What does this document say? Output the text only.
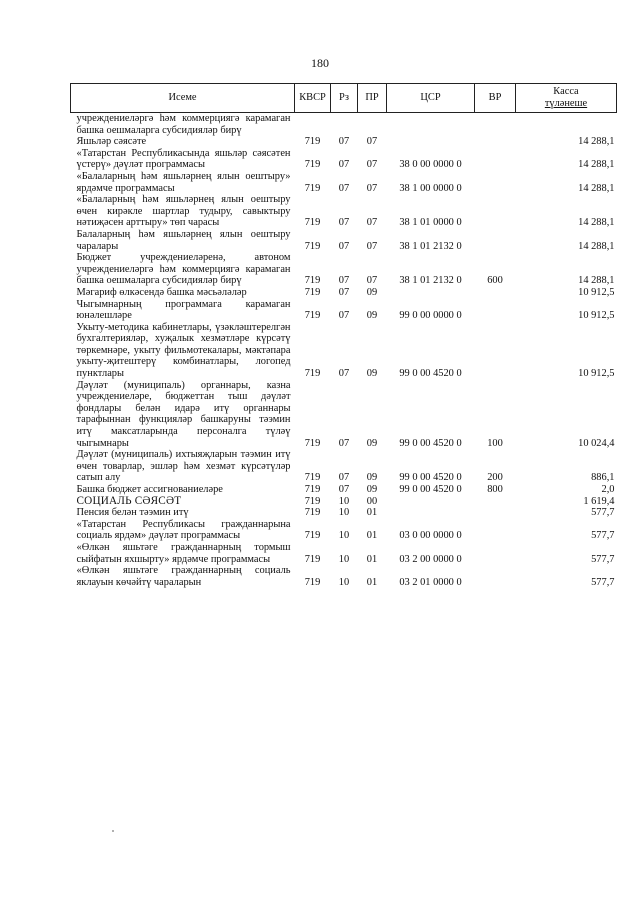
180
Исеме	КВСР	Рз	ПР	ЦСР	ВР	Касса
түләнеше

учреждениеләргә һәм коммерциягә карамаган башка оешмаларга субсидияләр бирү						
Яшьләр сәясәте	719	07	07			14 288,1
«Татарстан Республикасында яшьләр сәясәтен үстерү» дәүләт программасы	719	07	07	38 0 00 0000 0		14 288,1
«Балаларның һәм яшьләрнең ялын оештыру» ярдәмче программасы	719	07	07	38 1 00 0000 0		14 288,1
«Балаларның һәм яшьләрнең ялын оештыру өчен кирәкле шартлар тудыру, савыктыру нәтиҗәсен арттыру» төп чарасы	719	07	07	38 1 01 0000 0		14 288,1
Балаларның һәм яшьләрнең ялын оештыру чаралары	719	07	07	38 1 01 2132 0		14 288,1
Бюджет учреждениеләренә, автоном учреждениеләргә һәм коммерциягә карамаган башка оешмаларга субсидияләр бирү	719	07	07	38 1 01 2132 0	600	14 288,1
Мәгариф өлкәсендә башка мәсьәләләр	719	07	09			10 912,5
Чыгымнарның программага карамаган юнәлешләре	719	07	09	99 0 00 0000 0		10 912,5
Укыту-методика кабинетлары, үзәкләштерелгән бухгалтерияләр, хуҗалык хезмәтләре күрсәтү төркемнәре, укыту фильмотекалары, мәктәпара укыту-җитештерү комбинатлары, логопед пунктлары	719	07	09	99 0 00 4520 0		10 912,5
Дәүләт (муниципаль) органнары, казна учреждениеләре, бюджеттан тыш дәүләт фондлары белән идарә итү органнары тарафыннан функцияләр башкаруны тәэмин итү максатларында персоналга түләү чыгымнары	719	07	09	99 0 00 4520 0	100	10 024,4
Дәүләт (муниципаль) ихтыяҗларын тәэмин итү өчен товарлар, эшләр һәм хезмәт күрсәтүләр сатып алу	719	07	09	99 0 00 4520 0	200	886,1
Башка бюджет ассигнованиеләре	719	07	09	99 0 00 4520 0	800	2,0
СОЦИАЛЬ СӘЯСӘТ	719	10	00			1 619,4
Пенсия белән тәэмин итү	719	10	01			577,7
«Татарстан Республикасы гражданнарына социаль ярдәм» дәүләт программасы	719	10	01	03 0 00 0000 0		577,7
«Өлкән яшьтәге гражданнарның тормыш сыйфатын яхшырту» ярдәмче программасы	719	10	01	03 2 00 0000 0		577,7
«Өлкән яшьтәге гражданнарның социаль яклауын көчәйтү чараларын	719	10	01	03 2 01 0000 0		577,7
